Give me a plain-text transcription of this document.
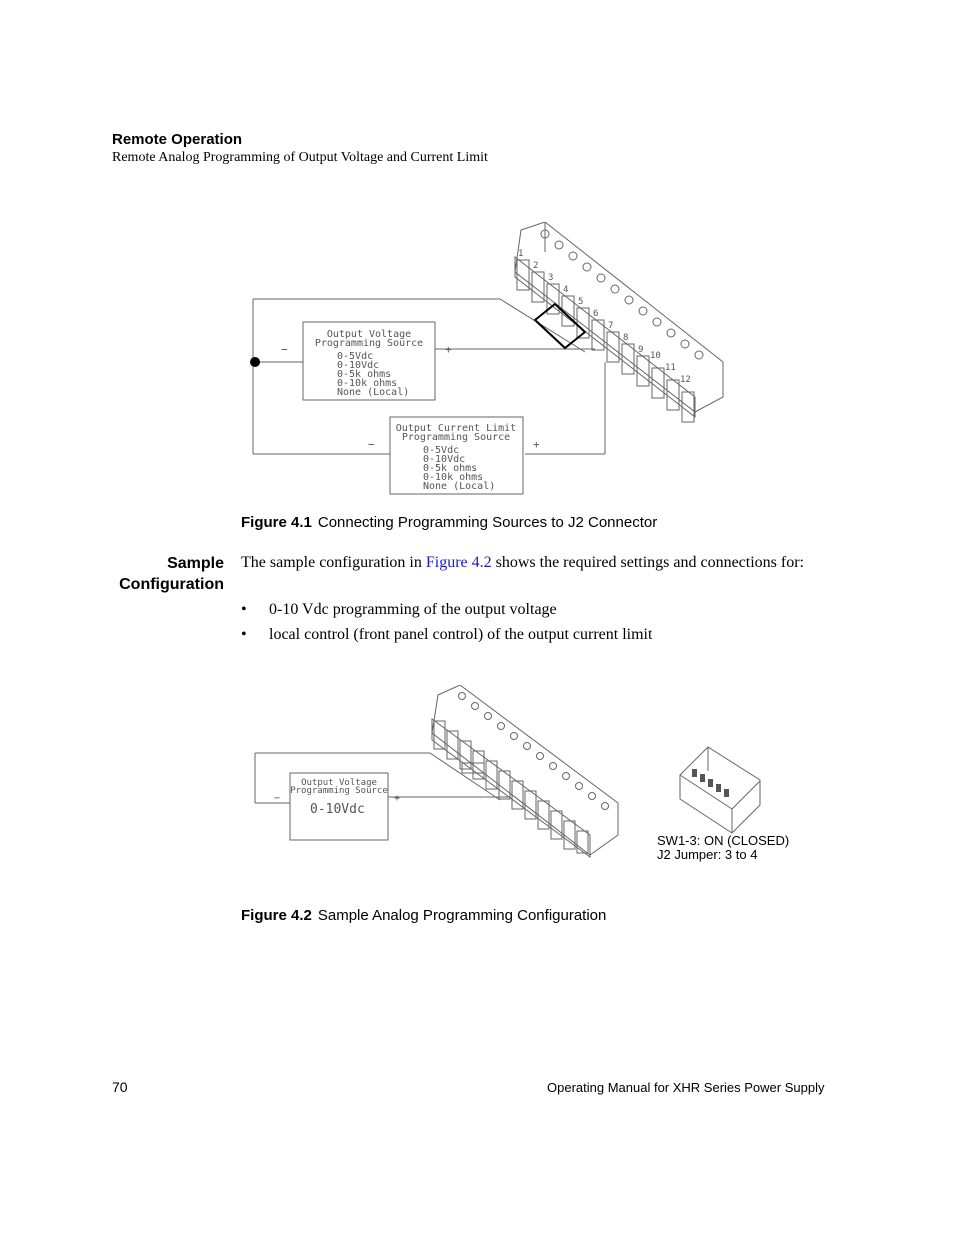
Remote Operation
Remote Analog Programming of Output Voltage and Current Limit
Output Voltage
Programming Source
0-5Vdc
0-10Vdc
0-5k ohms
0-10k ohms
None (Local)
−	+
Output Current Limit
Programming Source
0-5Vdc
0-10Vdc
0-5k ohms
0-10k ohms
None (Local)
−	+
1
2
3
4
5
6
7
8
9
10
11
12
Figure 4.1 Connecting Programming Sources to J2 Connector
Sample
Configuration
The sample configuration in Figure 4.2 shows the required settings and connections for:
• 0-10 Vdc programming of the output voltage
• local control (front panel control) of the output current limit
Output Voltage
Programming Source
0-10Vdc
−	+
SW1-3: ON (CLOSED)
J2 Jumper: 3 to 4
Figure 4.2 Sample Analog Programming Configuration
70	Operating Manual for XHR Series Power Supply
